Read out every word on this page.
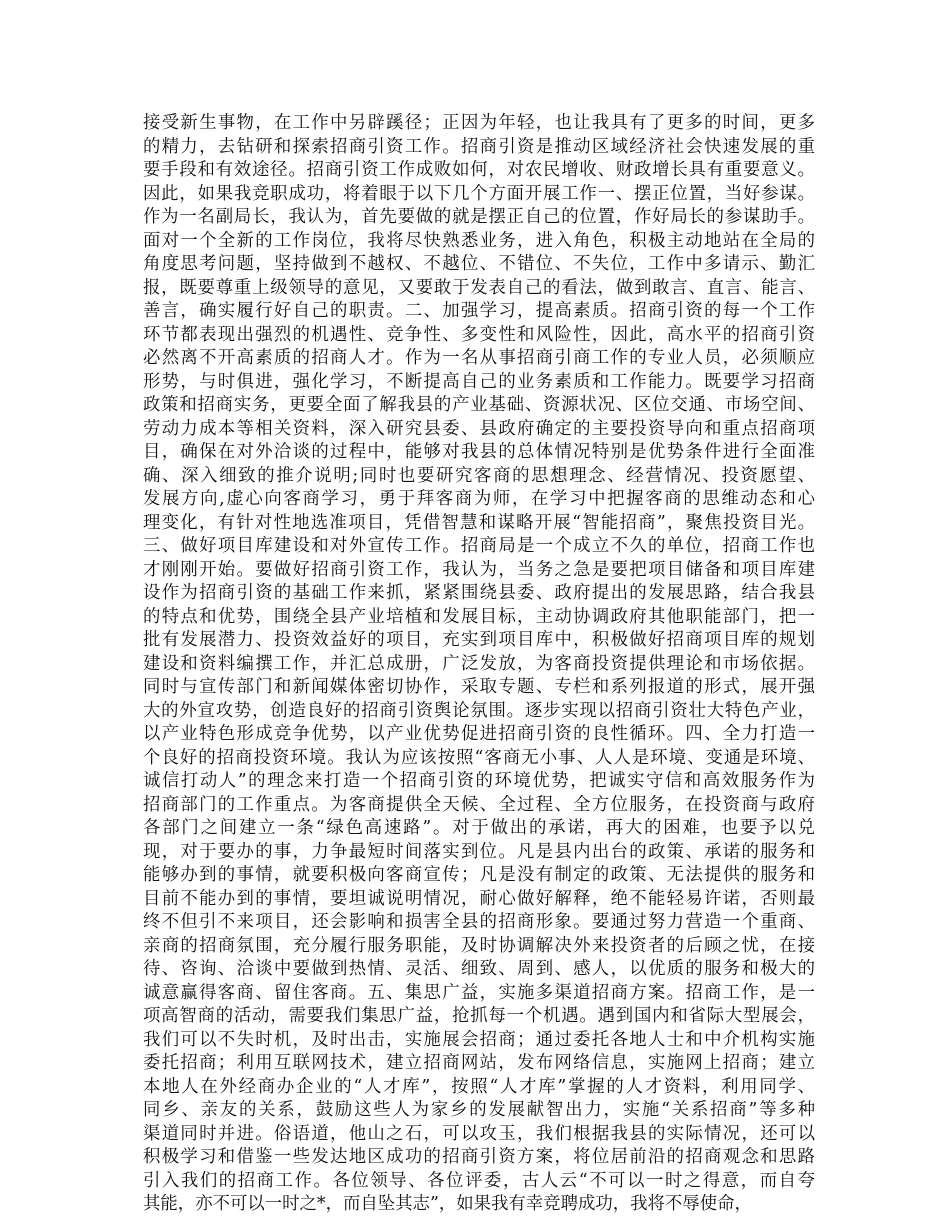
接受新生事物，在工作中另辟蹊径；正因为年轻，也让我具有了更多的时间，更多
的精力，去钻研和探索招商引资工作。招商引资是推动区域经济社会快速发展的重
要手段和有效途径。招商引资工作成败如何，对农民增收、财政增长具有重要意义。
因此，如果我竞职成功，将着眼于以下几个方面开展工作一、摆正位置，当好参谋。
作为一名副局长，我认为，首先要做的就是摆正自己的位置，作好局长的参谋助手。
面对一个全新的工作岗位，我将尽快熟悉业务，进入角色，积极主动地站在全局的
角度思考问题，坚持做到不越权、不越位、不错位、不失位，工作中多请示、勤汇
报，既要尊重上级领导的意见，又要敢于发表自己的看法，做到敢言、直言、能言、
善言，确实履行好自己的职责。二、加强学习，提高素质。招商引资的每一个工作
环节都表现出强烈的机遇性、竞争性、多变性和风险性，因此，高水平的招商引资
必然离不开高素质的招商人才。作为一名从事招商引商工作的专业人员，必须顺应
形势，与时俱进，强化学习，不断提高自己的业务素质和工作能力。既要学习招商
政策和招商实务，更要全面了解我县的产业基础、资源状况、区位交通、市场空间、
劳动力成本等相关资料，深入研究县委、县政府确定的主要投资导向和重点招商项
目，确保在对外洽谈的过程中，能够对我县的总体情况特别是优势条件进行全面准
确、深入细致的推介说明;同时也要研究客商的思想理念、经营情况、投资愿望、
发展方向,虚心向客商学习，勇于拜客商为师，在学习中把握客商的思维动态和心
理变化，有针对性地选准项目，凭借智慧和谋略开展“智能招商”，聚焦投资目光。
三、做好项目库建设和对外宣传工作。招商局是一个成立不久的单位，招商工作也
才刚刚开始。要做好招商引资工作，我认为，当务之急是要把项目储备和项目库建
设作为招商引资的基础工作来抓，紧紧围绕县委、政府提出的发展思路，结合我县
的特点和优势，围绕全县产业培植和发展目标，主动协调政府其他职能部门，把一
批有发展潜力、投资效益好的项目，充实到项目库中，积极做好招商项目库的规划
建设和资料编撰工作，并汇总成册，广泛发放，为客商投资提供理论和市场依据。
同时与宣传部门和新闻媒体密切协作，采取专题、专栏和系列报道的形式，展开强
大的外宣攻势，创造良好的招商引资舆论氛围。逐步实现以招商引资壮大特色产业，
以产业特色形成竞争优势，以产业优势促进招商引资的良性循环。四、全力打造一
个良好的招商投资环境。我认为应该按照“客商无小事、人人是环境、变通是环境、
诚信打动人”的理念来打造一个招商引资的环境优势，把诚实守信和高效服务作为
招商部门的工作重点。为客商提供全天候、全过程、全方位服务，在投资商与政府
各部门之间建立一条“绿色高速路”。对于做出的承诺，再大的困难，也要予以兑
现，对于要办的事，力争最短时间落实到位。凡是县内出台的政策、承诺的服务和
能够办到的事情，就要积极向客商宣传；凡是没有制定的政策、无法提供的服务和
目前不能办到的事情，要坦诚说明情况，耐心做好解释，绝不能轻易许诺，否则最
终不但引不来项目，还会影响和损害全县的招商形象。要通过努力营造一个重商、
亲商的招商氛围，充分履行服务职能，及时协调解决外来投资者的后顾之忧，在接
待、咨询、洽谈中要做到热情、灵活、细致、周到、感人，以优质的服务和极大的
诚意赢得客商、留住客商。五、集思广益，实施多渠道招商方案。招商工作，是一
项高智商的活动，需要我们集思广益，抢抓每一个机遇。遇到国内和省际大型展会，
我们可以不失时机，及时出击，实施展会招商；通过委托各地人士和中介机构实施
委托招商；利用互联网技术，建立招商网站，发布网络信息，实施网上招商；建立
本地人在外经商办企业的“人才库”，按照“人才库”掌握的人才资料，利用同学、
同乡、亲友的关系，鼓励这些人为家乡的发展献智出力，实施“关系招商”等多种
渠道同时并进。俗语道，他山之石，可以攻玉，我们根据我县的实际情况，还可以
积极学习和借鉴一些发达地区成功的招商引资方案，将位居前沿的招商观念和思路
引入我们的招商工作。各位领导、各位评委，古人云“不可以一时之得意，而自夸
其能，亦不可以一时之*，而自坠其志”，如果我有幸竞聘成功，我将不辱使命，
